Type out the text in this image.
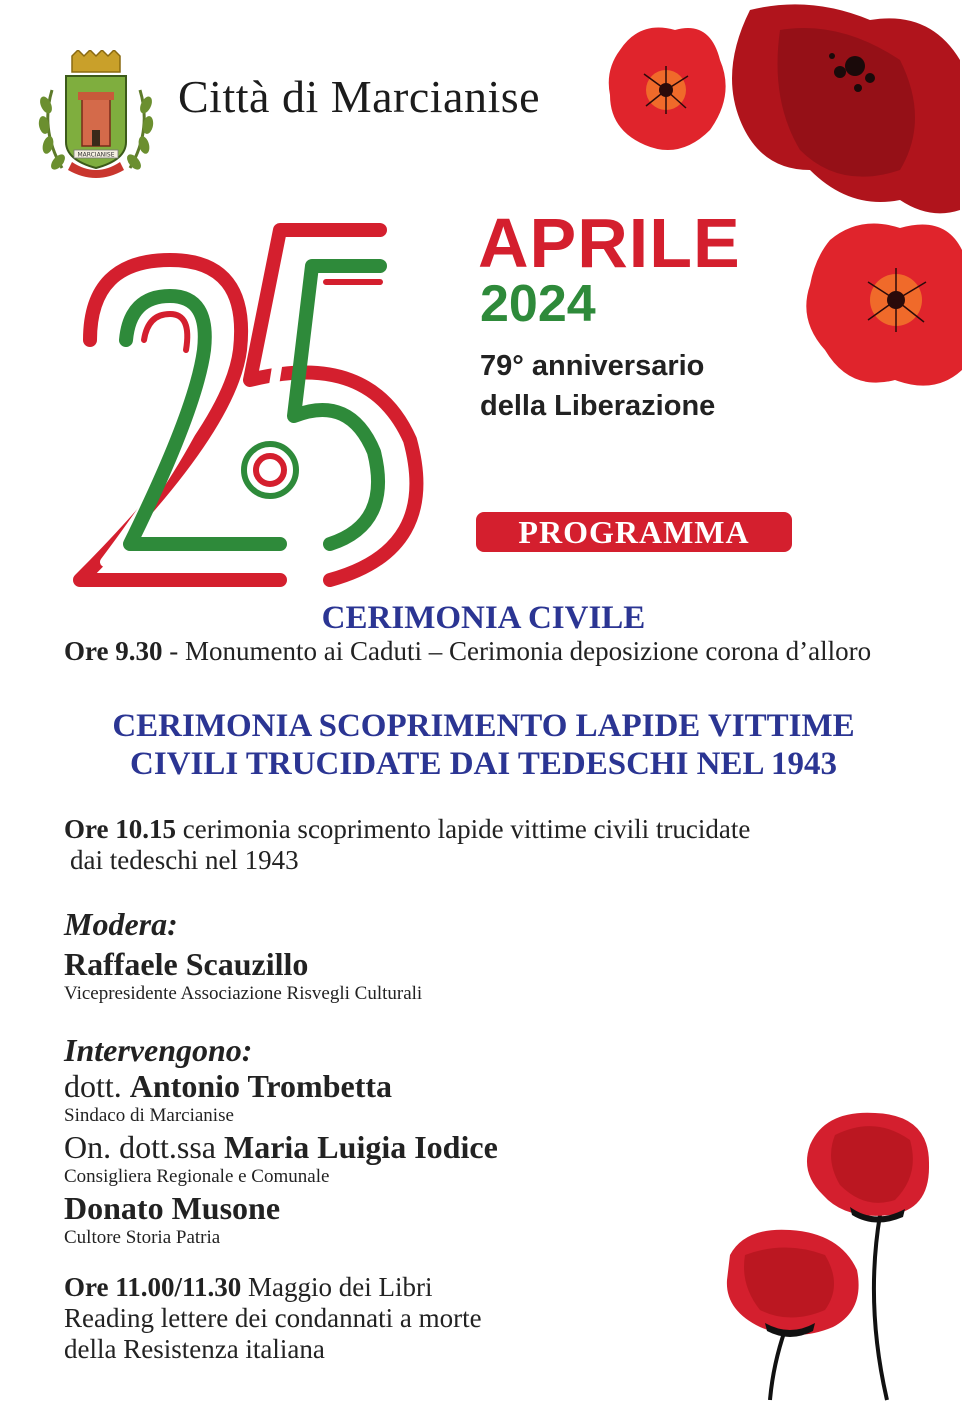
MARCIANISE
Città di Marcianise
APRILE
2024
79° anniversario
della Liberazione
PROGRAMMA
CERIMONIA CIVILE
Ore 9.30 - Monumento ai Caduti – Cerimonia deposizione corona d’alloro
CERIMONIA SCOPRIMENTO LAPIDE VITTIME
CIVILI TRUCIDATE DAI TEDESCHI NEL 1943
Ore 10.15 cerimonia scoprimento lapide vittime civili trucidate
dai tedeschi nel 1943
Modera:
Raffaele Scauzillo
Vicepresidente Associazione Risvegli Culturali
Intervengono:
dott. Antonio Trombetta
Sindaco di Marcianise
On. dott.ssa Maria Luigia Iodice
Consigliera Regionale e Comunale
Donato Musone
Cultore Storia Patria
Ore 11.00/11.30 Maggio dei Libri
Reading lettere dei condannati a morte
della Resistenza italiana
